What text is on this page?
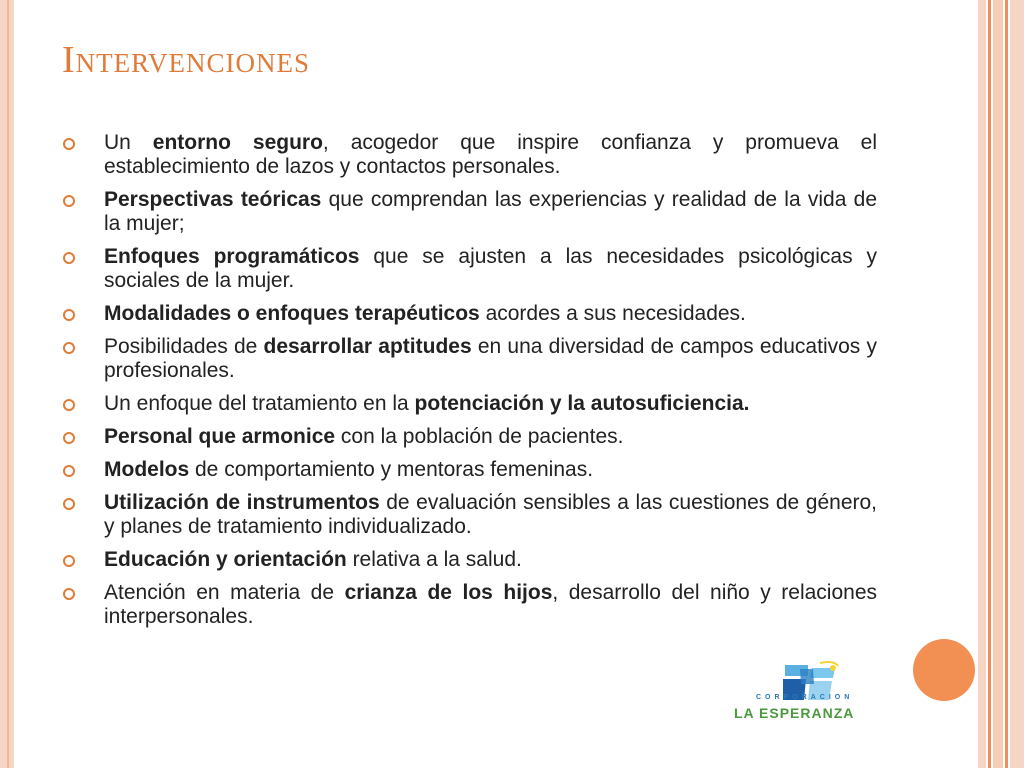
Intervenciones
Un entorno seguro, acogedor que inspire confianza y promueva el establecimiento de lazos y contactos personales.
Perspectivas teóricas que comprendan las experiencias y realidad de la vida de la mujer;
Enfoques programáticos que se ajusten a las necesidades psicológicas y sociales de la mujer.
Modalidades o enfoques terapéuticos acordes a sus necesidades.
Posibilidades de desarrollar aptitudes en una diversidad de campos educativos y profesionales.
Un enfoque del tratamiento en la potenciación y la autosuficiencia.
Personal que armonice con la población de pacientes.
Modelos de comportamiento y mentoras femeninas.
Utilización de instrumentos de evaluación sensibles a las cuestiones de género, y planes de tratamiento individualizado.
Educación y orientación relativa a la salud.
Atención en materia de crianza de los hijos, desarrollo del niño y relaciones interpersonales.
CORPORACION
LA ESPERANZA
